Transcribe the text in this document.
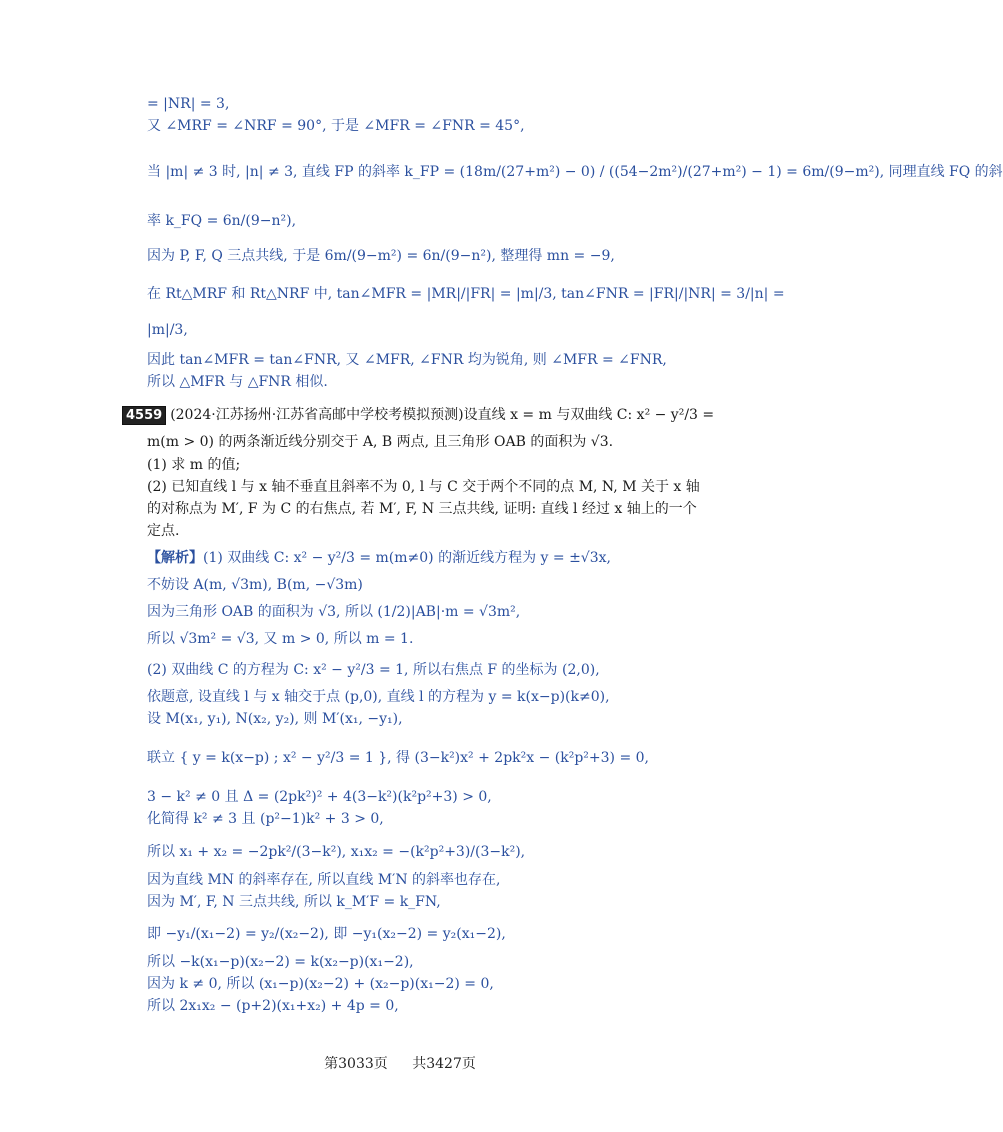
= |NR| = 3,
又 ∠MRF = ∠NRF = 90°, 于是 ∠MFR = ∠FNR = 45°,
当 |m| ≠ 3 时, |n| ≠ 3, 直线 FP 的斜率 k_FP = (18m/(27+m²) − 0) / ((54−2m²)/(27+m²) − 1) = 6m/(9−m²), 同理直线 FQ 的斜
率 k_FQ = 6n/(9−n²),
因为 P, F, Q 三点共线, 于是 6m/(9−m²) = 6n/(9−n²), 整理得 mn = −9,
在 Rt△MRF 和 Rt△NRF 中, tan∠MFR = |MR|/|FR| = |m|/3, tan∠FNR = |FR|/|NR| = 3/|n| =
|m|/3,
因此 tan∠MFR = tan∠FNR, 又 ∠MFR, ∠FNR 均为锐角, 则 ∠MFR = ∠FNR,
所以 △MFR 与 △FNR 相似.
4559 (2024·江苏扬州·江苏省高邮中学校考模拟预测)设直线 x = m 与双曲线 C: x² − y²/3 =
m(m > 0) 的两条渐近线分别交于 A, B 两点, 且三角形 OAB 的面积为 √3.
(1) 求 m 的值;
(2) 已知直线 l 与 x 轴不垂直且斜率不为 0, l 与 C 交于两个不同的点 M, N, M 关于 x 轴
的对称点为 M′, F 为 C 的右焦点, 若 M′, F, N 三点共线, 证明: 直线 l 经过 x 轴上的一个
定点.
【解析】(1) 双曲线 C: x² − y²/3 = m(m≠0) 的渐近线方程为 y = ±√3x,
不妨设 A(m, √3m), B(m, −√3m)
因为三角形 OAB 的面积为 √3, 所以 (1/2)|AB|·m = √3m²,
所以 √3m² = √3, 又 m > 0, 所以 m = 1.
(2) 双曲线 C 的方程为 C: x² − y²/3 = 1, 所以右焦点 F 的坐标为 (2,0),
依题意, 设直线 l 与 x 轴交于点 (p,0), 直线 l 的方程为 y = k(x−p)(k≠0),
设 M(x₁, y₁), N(x₂, y₂), 则 M′(x₁, −y₁),
联立 { y = k(x−p) ; x² − y²/3 = 1 }, 得 (3−k²)x² + 2pk²x − (k²p²+3) = 0,
3 − k² ≠ 0 且 Δ = (2pk²)² + 4(3−k²)(k²p²+3) > 0,
化简得 k² ≠ 3 且 (p²−1)k² + 3 > 0,
所以 x₁ + x₂ = −2pk²/(3−k²), x₁x₂ = −(k²p²+3)/(3−k²),
因为直线 MN 的斜率存在, 所以直线 M′N 的斜率也存在,
因为 M′, F, N 三点共线, 所以 k_M′F = k_FN,
即 −y₁/(x₁−2) = y₂/(x₂−2), 即 −y₁(x₂−2) = y₂(x₁−2),
所以 −k(x₁−p)(x₂−2) = k(x₂−p)(x₁−2),
因为 k ≠ 0, 所以 (x₁−p)(x₂−2) + (x₂−p)(x₁−2) = 0,
所以 2x₁x₂ − (p+2)(x₁+x₂) + 4p = 0,
第3033页 共3427页
